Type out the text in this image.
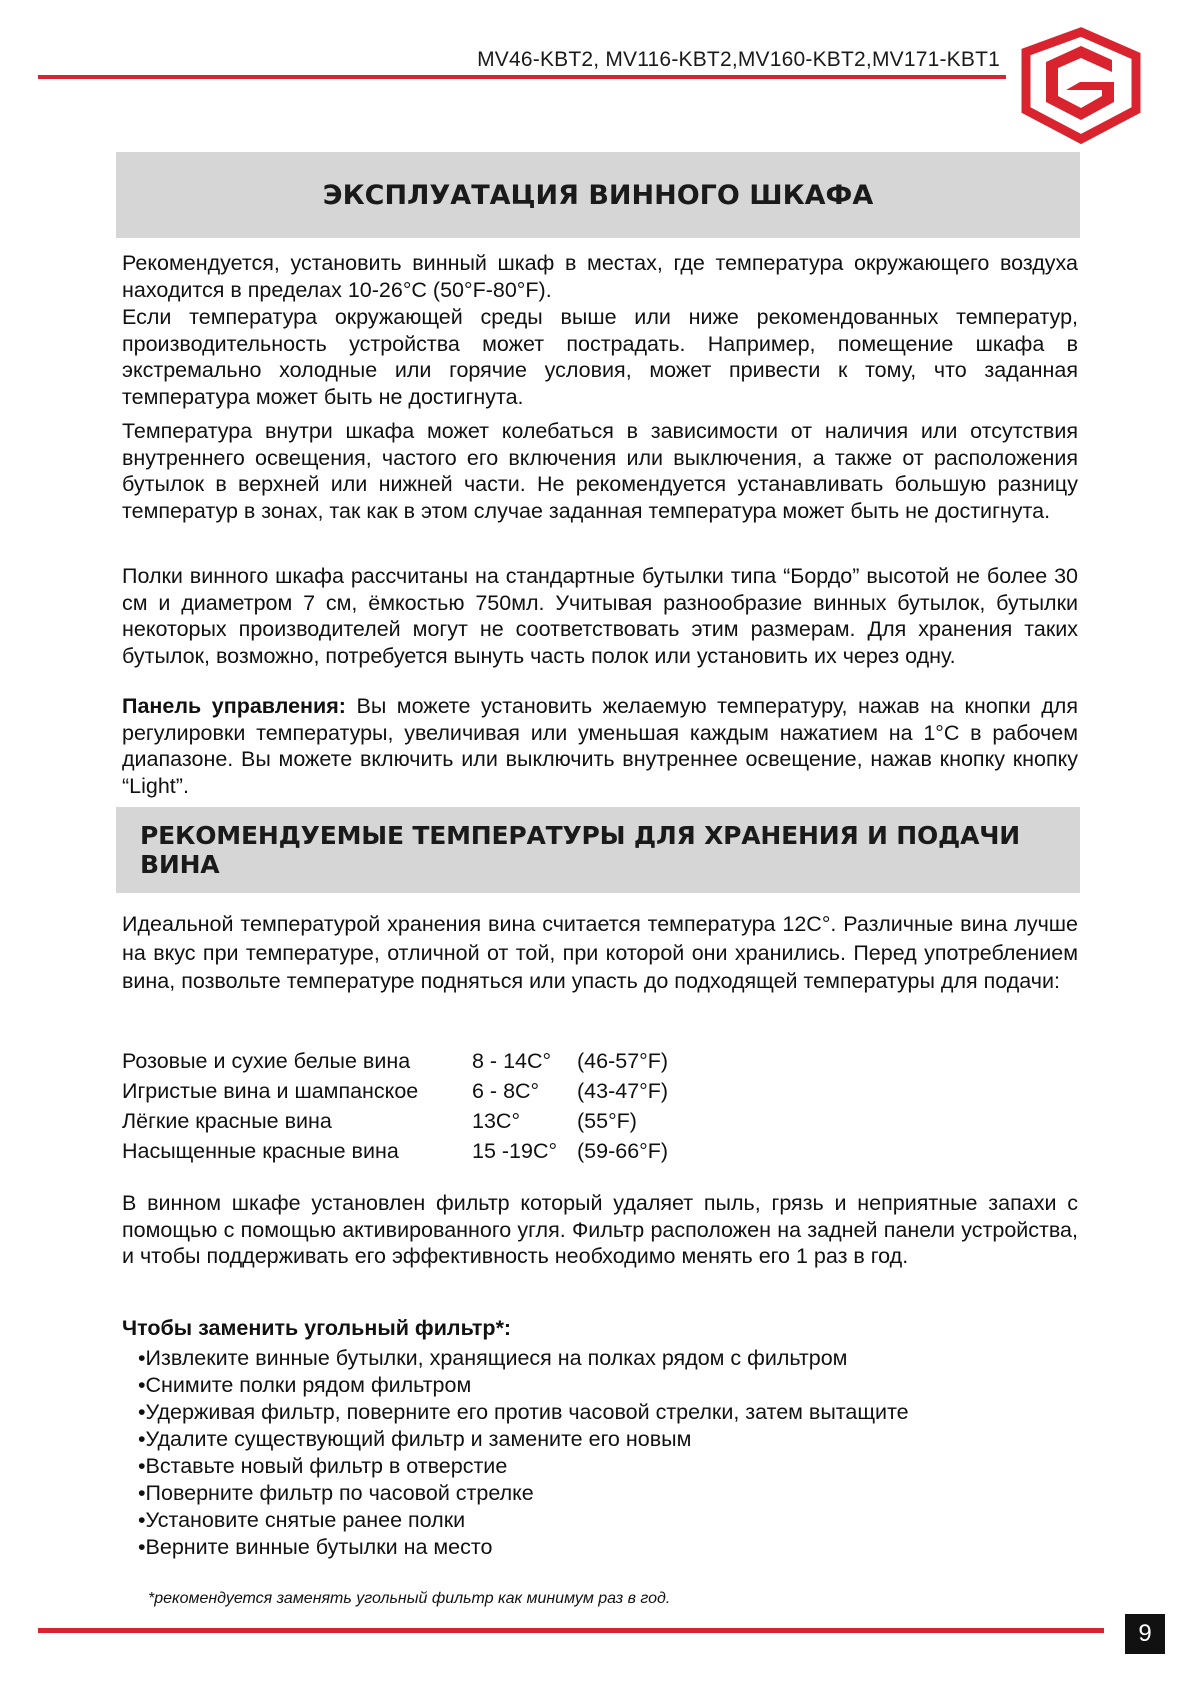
MV46-KBT2, MV116-KBT2,MV160-KBT2,MV171-KBT1
ЭКСПЛУАТАЦИЯ ВИННОГО ШКАФА

Рекомендуется, установить винный шкаф в местах, где температура окружающего воздуха находится в пределах 10-26°С (50°F-80°F).

Если температура окружающей среды выше или ниже рекомендованных температур, производительность устройства может пострадать. Например, помещение шкафа в экстремально холодные или горячие условия, может привести к тому, что заданная температура может быть не достигнута.

Температура внутри шкафа может колебаться в зависимости от наличия или отсутствия внутреннего освещения, частого его включения или выключения, а также от расположения бутылок в верхней или нижней части. Не рекомендуется устанавливать большую разницу температур в зонах, так как в этом случае заданная температура может быть не достигнута.

Полки винного шкафа рассчитаны на стандартные бутылки типа “Бордо” высотой не более 30 см и диаметром 7 см, ёмкостью 750мл. Учитывая разнообразие винных бутылок, бутылки некоторых производителей могут не соответствовать этим размерам. Для хранения таких бутылок, возможно, потребуется вынуть часть полок или установить их через одну.

Панель управления: Вы можете установить желаемую температуру, нажав на кнопки для регулировки температуры, увеличивая или уменьшая каждым нажатием на 1°С в рабочем диапазоне. Вы можете включить или выключить внутреннее освещение, нажав кнопку кнопку “Light”.

РЕКОМЕНДУЕМЫЕ ТЕМПЕРАТУРЫ ДЛЯ ХРАНЕНИЯ И ПОДАЧИ ВИНА

Идеальной температурой хранения вина считается температура 12С°. Различные вина лучше на вкус при температуре, отличной от той, при которой они хранились. Перед употреблением вина, позвольте температуре подняться или упасть до подходящей температуры для подачи:

Розовые и сухие белые вина	8 - 14С°	(46-57°F)
Игристые вина и шампанское	6 - 8С°	(43-47°F)
Лёгкие красные вина	13С°	(55°F)
Насыщенные красные вина	15 -19С°	(59-66°F)

В винном шкафе установлен фильтр который удаляет пыль, грязь и неприятные запахи с помощью с помощью активированного угля. Фильтр расположен на задней панели устройства, и чтобы поддерживать его эффективность необходимо менять его 1 раз в год.

Чтобы заменить угольный фильтр*:
•Извлеките винные бутылки, хранящиеся на полках рядом с фильтром
•Снимите полки рядом фильтром
•Удерживая фильтр, поверните его против часовой стрелки, затем вытащите
•Удалите существующий фильтр и замените его новым
•Вставьте новый фильтр в отверстие
•Поверните фильтр по часовой стрелке
•Установите снятые ранее полки
•Верните винные бутылки на место
*рекомендуется заменять угольный фильтр как минимум раз в год.
9
